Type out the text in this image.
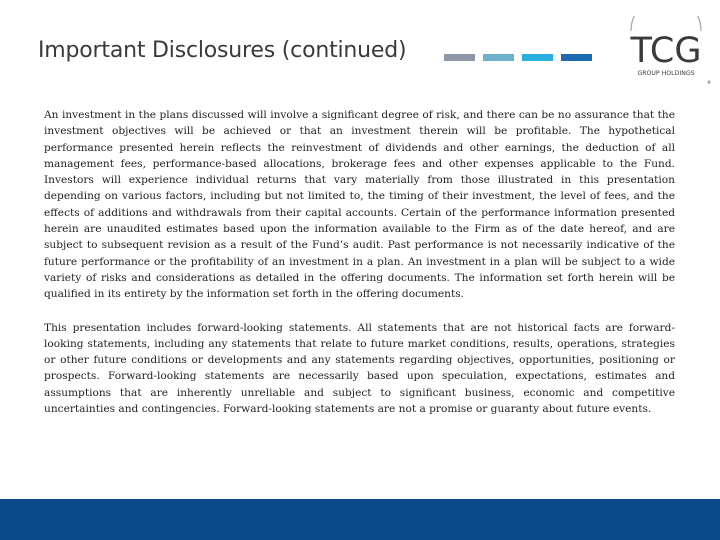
Important Disclosures (continued)	TCG
GROUP HOLDINGS
®

An investment in the plans discussed will involve a significant degree of risk, and there can be no assurance that the investment objectives will be achieved or that an investment therein will be profitable. The hypothetical performance presented herein reflects the reinvestment of dividends and other earnings, the deduction of all management fees, performance-based allocations, brokerage fees and other expenses applicable to the Fund. Investors will experience individual returns that vary materially from those illustrated in this presentation depending on various factors, including but not limited to, the timing of their investment, the level of fees, and the effects of additions and withdrawals from their capital accounts. Certain of the performance information presented herein are unaudited estimates based upon the information available to the Firm as of the date hereof, and are subject to subsequent revision as a result of the Fund’s audit. Past performance is not necessarily indicative of the future performance or the profitability of an investment in a plan. An investment in a plan will be subject to a wide variety of risks and considerations as detailed in the offering documents. The information set forth herein will be qualified in its entirety by the information set forth in the offering documents.

This presentation includes forward-looking statements. All statements that are not historical facts are forward-looking statements, including any statements that relate to future market conditions, results, operations, strategies or other future conditions or developments and any statements regarding objectives, opportunities, positioning or prospects. Forward-looking statements are necessarily based upon speculation, expectations, estimates and assumptions that are inherently unreliable and subject to significant business, economic and competitive uncertainties and contingencies. Forward-looking statements are not a promise or guaranty about future events.
